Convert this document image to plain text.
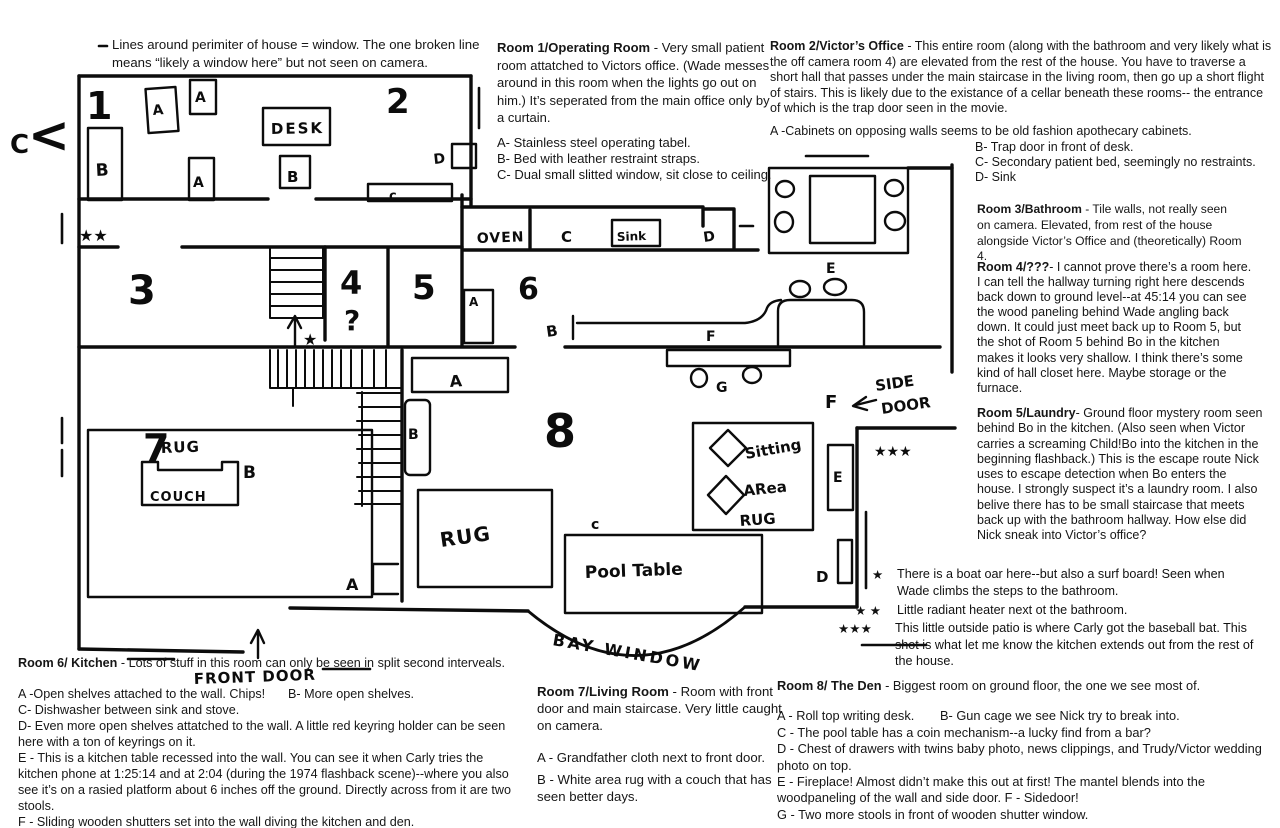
1	2
3	4
?
5	6
7	8
C
<
B
A
A
A
DESK
B
c
D
★★
★
OVEN C	Sink	D
E
B	F
G
A
A
B
RUG
COUCH
B
A
FRONT DOOR
RUG	c
Pool Table
Sitting
ARea
RUG
BAY WINDOW
SIDE
DOOR
F
★★★
E
D

Lines around perimiter of house = window. The one broken line means “likely a window here” but not seen on camera.

Room 1/Operating Room - Very small patient room attatched to Victors office. (Wade messes around in this room when the lights go out on him.) It’s seperated from the main office only by a curtain.

A- Stainless steel operating tabel.
B- Bed with leather restraint straps.
C- Dual small slitted window, sit close to ceiling.

Room 2/Victor’s Office - This entire room (along with the bathroom and very likely what is the off camera room 4) are elevated from the rest of the house. You have to traverse a short hall that passes under the main staircase in the living room, then go up a short flight of stairs. This is likely due to the existance of a cellar beneath these rooms-- the entrance of which is the trap door seen in the movie.

A -Cabinets on opposing walls seems to be old fashion apothecary cabinets.

B- Trap door in front of desk.
C- Secondary patient bed, seemingly no restraints.
D- Sink

Room 3/Bathroom - Tile walls, not really seen on camera. Elevated, from rest of the house alongside Victor’s Office and (theoretically) Room 4.

Room 4/???- I cannot prove there’s a room here. I can tell the hallway turning right here descends back down to ground level--at 45:14 you can see the wood paneling behind Wade angling back down. It could just meet back up to Room 5, but the shot of Room 5 behind Bo in the kitchen makes it looks very shallow. I think there’s some kind of hall closet here. Maybe storage or the furnace.

Room 5/Laundry- Ground floor mystery room seen behind Bo in the kitchen. (Also seen when Victor carries a screaming Child!Bo into the kitchen in the beginning flashback.) This is the escape route Nick uses to escape detection when Bo enters the house. I strongly suspect it’s a laundry room. I also belive there has to be small staircase that meets back up with the bathroom hallway. How else did Nick sneak into Victor’s office?

★ There is a boat oar here--but also a surf board! Seen when Wade climbs the steps to the bathroom.
★ ★ Little radiant heater next ot the bathroom.
★★★ This little outside patio is where Carly got the baseball bat. This shot is what let me know the kitchen extends out from the rest of the house.

Room 6/ Kitchen - Lots of stuff in this room can only be seen in split second interveals.

A -Open shelves attached to the wall. Chips! B- More open shelves.
C- Dishwasher between sink and stove.
D- Even more open shelves attatched to the wall. A little red keyring holder can be seen here with a ton of keyrings on it.
E - This is a kitchen table recessed into the wall. You can see it when Carly tries the kitchen phone at 1:25:14 and at 2:04 (during the 1974 flashback scene)--where you also see it’s on a rasied platform about 6 inches off the ground. Directly across from it are two stools.
F - Sliding wooden shutters set into the wall diving the kitchen and den.

Room 7/Living Room - Room with front door and main staircase. Very little caught on camera.

A - Grandfather cloth next to front door.
B - White area rug with a couch that has seen better days.

Room 8/ The Den - Biggest room on ground floor, the one we see most of.

A - Roll top writing desk. B- Gun cage we see Nick try to break into.
C - The pool table has a coin mechanism--a lucky find from a bar?
D - Chest of drawers with twins baby photo, news clippings, and Trudy/Victor wedding photo on top.
E - Fireplace! Almost didn’t make this out at first! The mantel blends into the woodpaneling of the wall and side door. F - Sidedoor!
G - Two more stools in front of wooden shutter window.
